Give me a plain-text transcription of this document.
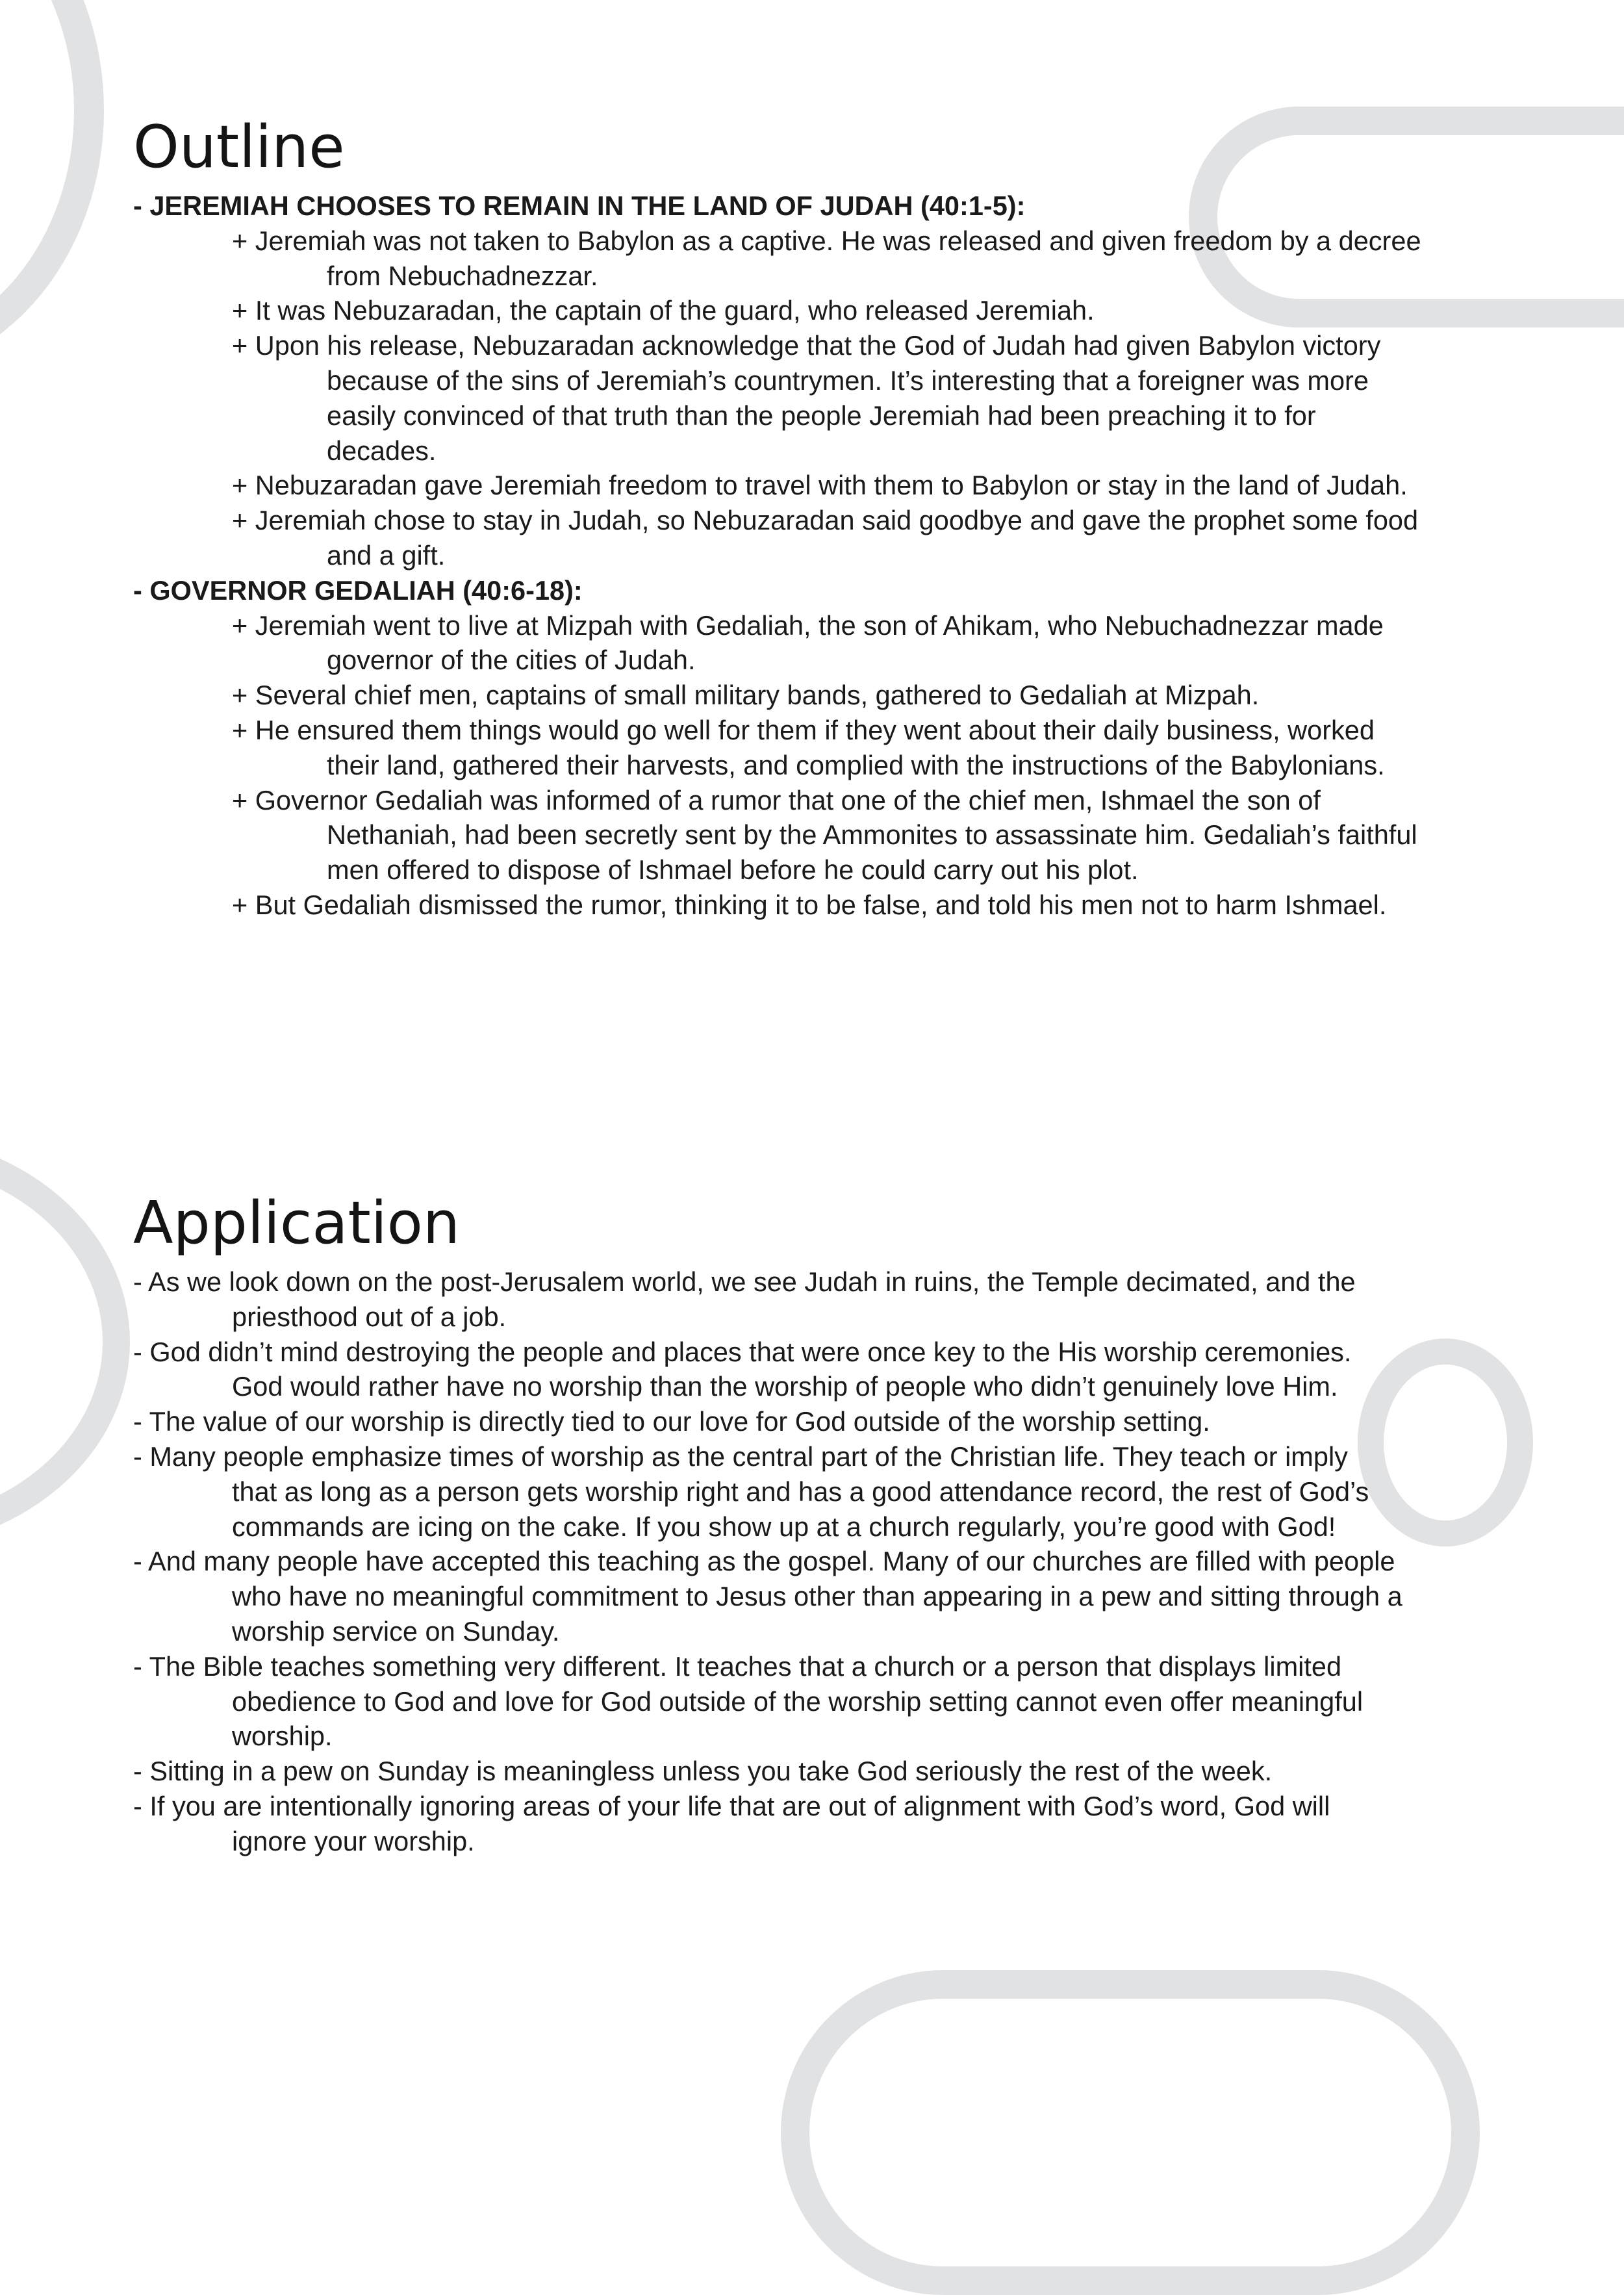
Outline
- JEREMIAH CHOOSES TO REMAIN IN THE LAND OF JUDAH (40:1-5):
+ Jeremiah was not taken to Babylon as a captive. He was released and given freedom by a decree
from Nebuchadnezzar.
+ It was Nebuzaradan, the captain of the guard, who released Jeremiah.
+ Upon his release, Nebuzaradan acknowledge that the God of Judah had given Babylon victory
because of the sins of Jeremiah’s countrymen. It’s interesting that a foreigner was more
easily convinced of that truth than the people Jeremiah had been preaching it to for
decades.
+ Nebuzaradan gave Jeremiah freedom to travel with them to Babylon or stay in the land of Judah.
+ Jeremiah chose to stay in Judah, so Nebuzaradan said goodbye and gave the prophet some food
and a gift.
- GOVERNOR GEDALIAH (40:6-18):
+ Jeremiah went to live at Mizpah with Gedaliah, the son of Ahikam, who Nebuchadnezzar made
governor of the cities of Judah.
+ Several chief men, captains of small military bands, gathered to Gedaliah at Mizpah.
+ He ensured them things would go well for them if they went about their daily business, worked
their land, gathered their harvests, and complied with the instructions of the Babylonians.
+ Governor Gedaliah was informed of a rumor that one of the chief men, Ishmael the son of
Nethaniah, had been secretly sent by the Ammonites to assassinate him. Gedaliah’s faithful
men offered to dispose of Ishmael before he could carry out his plot.
+ But Gedaliah dismissed the rumor, thinking it to be false, and told his men not to harm Ishmael.
Application
- As we look down on the post-Jerusalem world, we see Judah in ruins, the Temple decimated, and the
priesthood out of a job.
- God didn’t mind destroying the people and places that were once key to the His worship ceremonies.
God would rather have no worship than the worship of people who didn’t genuinely love Him.
- The value of our worship is directly tied to our love for God outside of the worship setting.
- Many people emphasize times of worship as the central part of the Christian life. They teach or imply
that as long as a person gets worship right and has a good attendance record, the rest of God’s
commands are icing on the cake. If you show up at a church regularly, you’re good with God!
- And many people have accepted this teaching as the gospel. Many of our churches are filled with people
who have no meaningful commitment to Jesus other than appearing in a pew and sitting through a
worship service on Sunday.
- The Bible teaches something very different. It teaches that a church or a person that displays limited
obedience to God and love for God outside of the worship setting cannot even offer meaningful
worship.
- Sitting in a pew on Sunday is meaningless unless you take God seriously the rest of the week.
- If you are intentionally ignoring areas of your life that are out of alignment with God’s word, God will
ignore your worship.
